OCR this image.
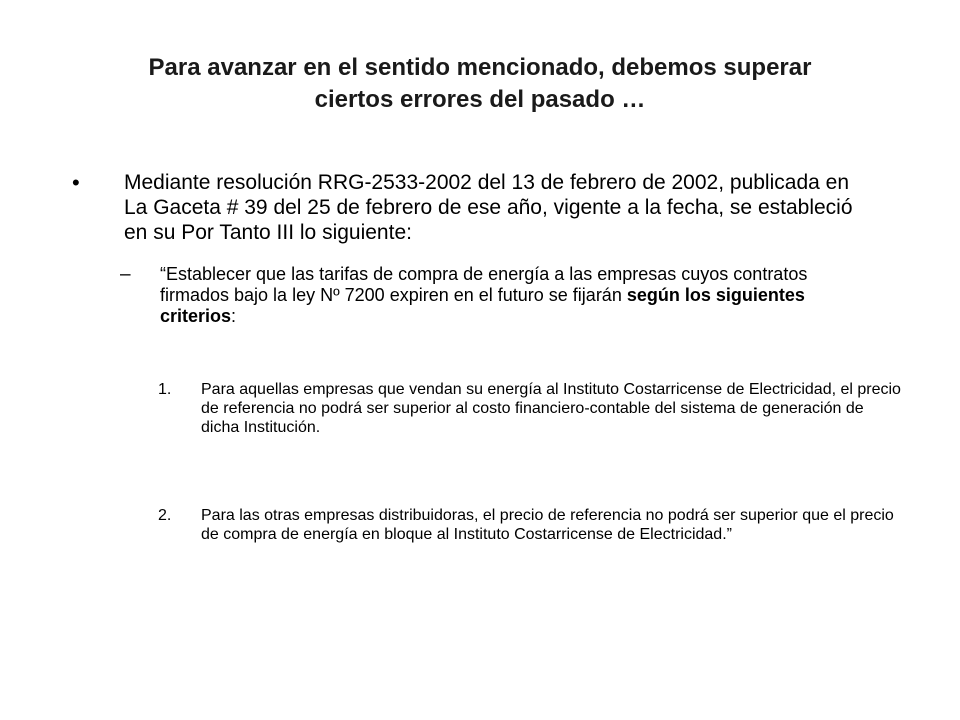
Para avanzar en el sentido mencionado, debemos superar
ciertos errores del pasado …
• Mediante resolución RRG-2533-2002 del 13 de febrero de 2002, publicada en La Gaceta # 39 del 25 de febrero de ese año, vigente a la fecha, se estableció en su Por Tanto III lo siguiente:
– “Establecer que las tarifas de compra de energía a las empresas cuyos contratos firmados bajo la ley Nº 7200 expiren en el futuro se fijarán según los siguientes criterios:
1. Para aquellas empresas que vendan su energía al Instituto Costarricense de Electricidad, el precio de referencia no podrá ser superior al costo financiero-contable del sistema de generación de dicha Institución.
2. Para las otras empresas distribuidoras, el precio de referencia no podrá ser superior que el precio de compra de energía en bloque al Instituto Costarricense de Electricidad.”
